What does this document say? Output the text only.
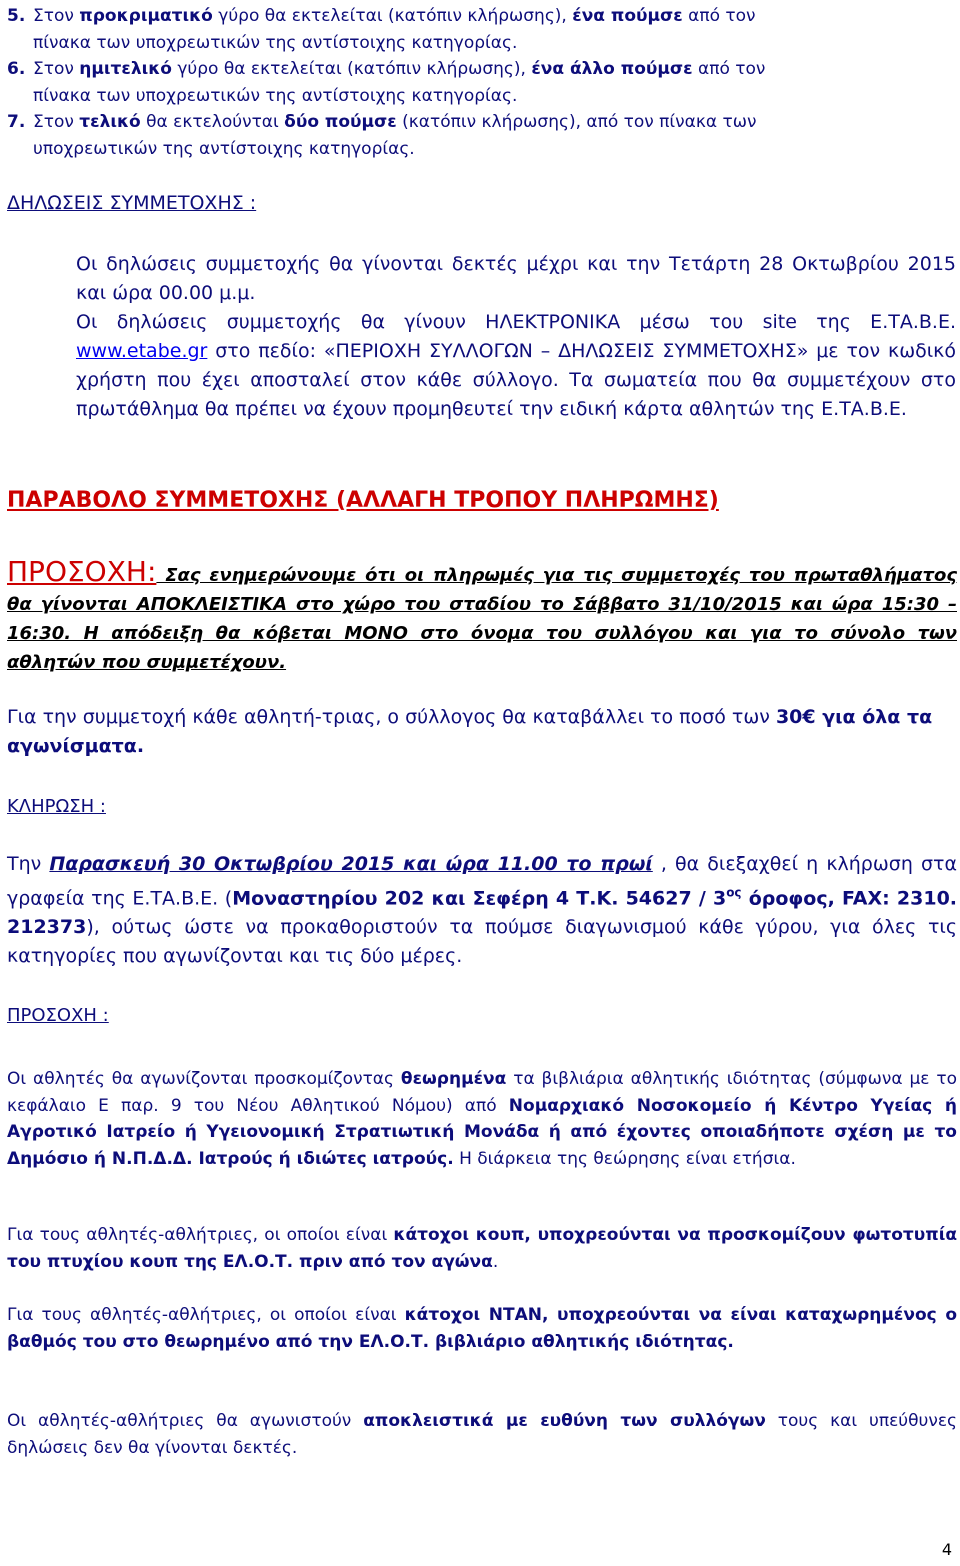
5. Στον προκριματικό γύρο θα εκτελείται (κατόπιν κλήρωσης), ένα πούμσε από τον

πίνακα των υποχρεωτικών της αντίστοιχης κατηγορίας.

6. Στον ημιτελικό γύρο θα εκτελείται (κατόπιν κλήρωσης), ένα άλλο πούμσε από τον

πίνακα των υποχρεωτικών της αντίστοιχης κατηγορίας.

7. Στον τελικό θα εκτελούνται δύο πούμσε (κατόπιν κλήρωσης), από τον πίνακα των

υποχρεωτικών της αντίστοιχης κατηγορίας.

ΔΗΛΩΣΕΙΣ ΣΥΜΜΕΤΟΧΗΣ :

Οι δηλώσεις συμμετοχής θα γίνονται δεκτές μέχρι και την Τετάρτη 28 Οκτωβρίου 2015 και ώρα 00.00 μ.μ.

Οι δηλώσεις συμμετοχής θα γίνουν ΗΛΕΚΤΡΟΝΙΚΑ μέσω του site της Ε.ΤΑ.Β.Ε. www.etabe.gr στο πεδίο: «ΠΕΡΙΟΧΗ ΣΥΛΛΟΓΩΝ – ΔΗΛΩΣΕΙΣ ΣΥΜΜΕΤΟΧΗΣ» με τον κωδικό χρήστη που έχει αποσταλεί στον κάθε σύλλογο. Τα σωματεία που θα συμμετέχουν στο πρωτάθλημα θα πρέπει να έχουν προμηθευτεί την ειδική κάρτα αθλητών της Ε.ΤΑ.Β.Ε.

ΠΑΡΑΒΟΛΟ ΣΥΜΜΕΤΟΧΗΣ (ΑΛΛΑΓΗ ΤΡΟΠΟΥ ΠΛΗΡΩΜΗΣ)

ΠΡΟΣΟΧΗ: Σας ενημερώνουμε ότι οι πληρωμές για τις συμμετοχές του πρωταθλήματος θα γίνονται ΑΠΟΚΛΕΙΣΤΙΚΑ στο χώρο του σταδίου το Σάββατο 31/10/2015 και ώρα 15:30 – 16:30. Η απόδειξη θα κόβεται ΜΟΝΟ στο όνομα του συλλόγου και για το σύνολο των αθλητών που συμμετέχουν.

Για την συμμετοχή κάθε αθλητή-τριας, ο σύλλογος θα καταβάλλει το ποσό των 30€ για όλα τα αγωνίσματα.

ΚΛΗΡΩΣΗ :

Την Παρασκευή 30 Οκτωβρίου 2015 και ώρα 11.00 το πρωί , θα διεξαχθεί η κλήρωση στα γραφεία της Ε.ΤΑ.Β.Ε. (Μοναστηρίου 202 και Σεφέρη 4 Τ.Κ. $54627 / 3^{o\varsigma}$ όροφος, FAX: 2310. 212373), ούτως ώστε να προκαθοριστούν τα πούμσε διαγωνισμού κάθε γύρου, για όλες τις κατηγορίες που αγωνίζονται και τις δύο μέρες.

ΠΡΟΣΟΧΗ :

Οι αθλητές θα αγωνίζονται προσκομίζοντας θεωρημένα τα βιβλιάρια αθλητικής ιδιότητας (σύμφωνα με το κεφάλαιο Ε παρ. 9 του Νέου Αθλητικού Νόμου) από Νομαρχιακό Νοσοκομείο ή Κέντρο Υγείας ή Αγροτικό Ιατρείο ή Υγειονομική Στρατιωτική Μονάδα ή από έχοντες οποιαδήποτε σχέση με το Δημόσιο ή Ν.Π.Δ.Δ. Ιατρούς ή ιδιώτες ιατρούς. Η διάρκεια της θεώρησης είναι ετήσια.

Για τους αθλητές-αθλήτριες, οι οποίοι είναι κάτοχοι κουπ, υποχρεούνται να προσκομίζουν φωτοτυπία του πτυχίου κουπ της ΕΛ.Ο.Τ. πριν από τον αγώνα.

Για τους αθλητές-αθλήτριες, οι οποίοι είναι κάτοχοι ΝΤΑΝ, υποχρεούνται να είναι καταχωρημένος ο βαθμός του στο θεωρημένο από την ΕΛ.Ο.Τ. βιβλιάριο αθλητικής ιδιότητας.

Οι αθλητές-αθλήτριες θα αγωνιστούν αποκλειστικά με ευθύνη των συλλόγων τους και υπεύθυνες δηλώσεις δεν θα γίνονται δεκτές.

4
